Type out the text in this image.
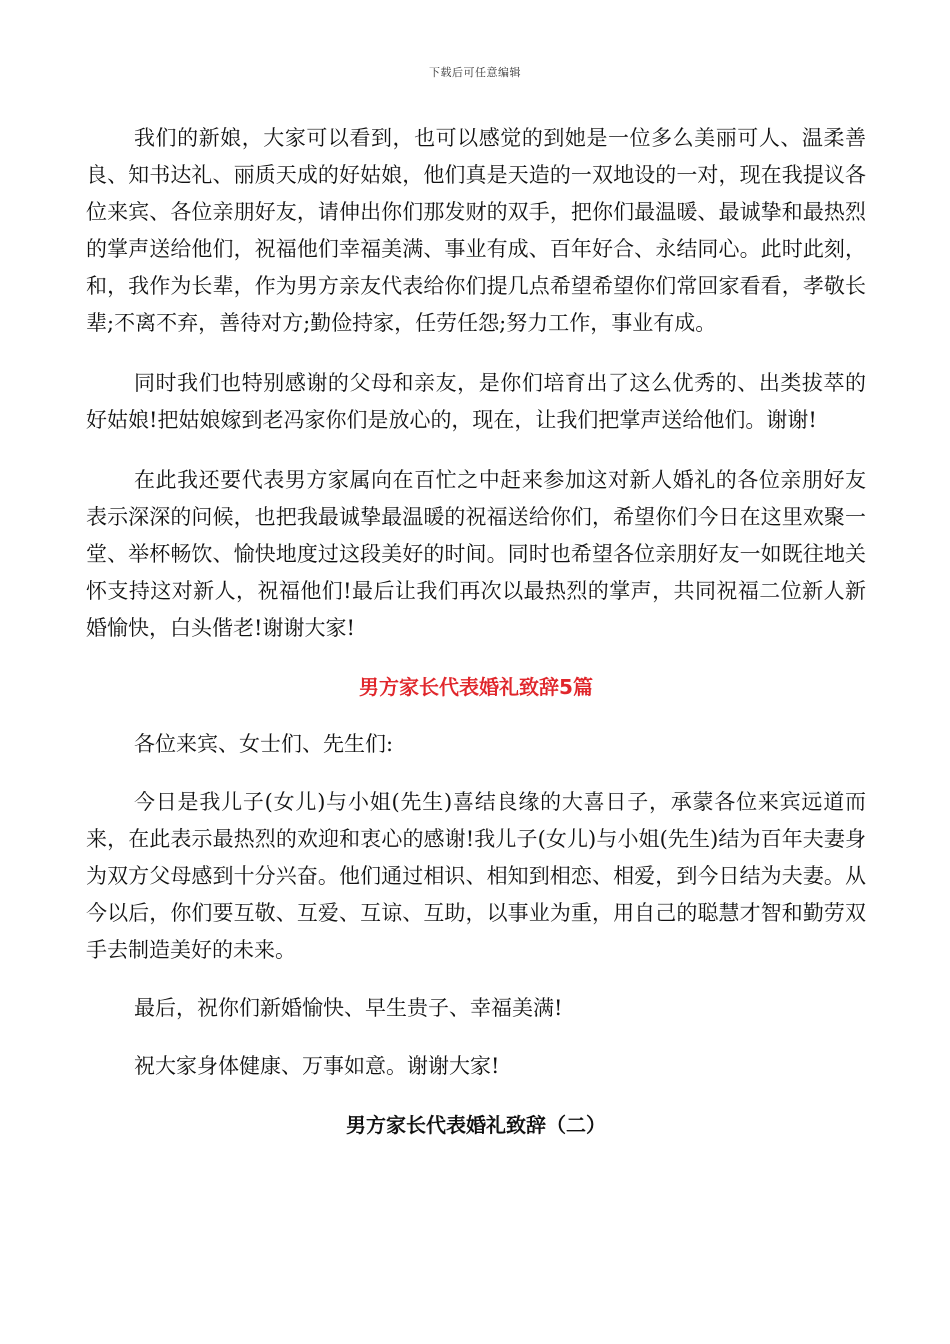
下载后可任意编辑

我们的新娘，大家可以看到，也可以感觉的到她是一位多么美丽可人、温柔善良、知书达礼、丽质天成的好姑娘，他们真是天造的一双地设的一对，现在我提议各位来宾、各位亲朋好友，请伸出你们那发财的双手，把你们最温暖、最诚挚和最热烈的掌声送给他们，祝福他们幸福美满、事业有成、百年好合、永结同心。此时此刻，和，我作为长辈，作为男方亲友代表给你们提几点希望希望你们常回家看看，孝敬长辈;不离不弃，善待对方;勤俭持家，任劳任怨;努力工作，事业有成。

同时我们也特别感谢的父母和亲友，是你们培育出了这么优秀的、出类拔萃的好姑娘!把姑娘嫁到老冯家你们是放心的，现在，让我们把掌声送给他们。谢谢!

在此我还要代表男方家属向在百忙之中赶来参加这对新人婚礼的各位亲朋好友表示深深的问候，也把我最诚挚最温暖的祝福送给你们，希望你们今日在这里欢聚一堂、举杯畅饮、愉快地度过这段美好的时间。同时也希望各位亲朋好友一如既往地关怀支持这对新人，祝福他们!最后让我们再次以最热烈的掌声，共同祝福二位新人新婚愉快，白头偕老!谢谢大家!

男方家长代表婚礼致辞5篇

各位来宾、女士们、先生们:

今日是我儿子(女儿)与小姐(先生)喜结良缘的大喜日子，承蒙各位来宾远道而来，在此表示最热烈的欢迎和衷心的感谢!我儿子(女儿)与小姐(先生)结为百年夫妻身为双方父母感到十分兴奋。他们通过相识、相知到相恋、相爱，到今日结为夫妻。从今以后，你们要互敬、互爱、互谅、互助，以事业为重，用自己的聪慧才智和勤劳双手去制造美好的未来。

最后，祝你们新婚愉快、早生贵子、幸福美满!

祝大家身体健康、万事如意。谢谢大家!

男方家长代表婚礼致辞（二）
